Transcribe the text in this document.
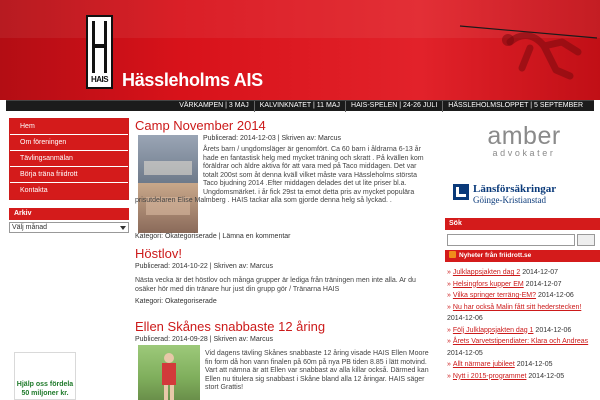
HAIS Hässleholms AIS
VÄRKAMPEN | 3 MAJ	KALVINKNATET | 11 MAJ	HAIS-SPELEN | 24-26 JULI	HÄSSLEHOLMSLOPPET | 5 SEPTEMBER
Hem
Om föreningen
Tävlingsanmälan
Börja träna friidrott
Kontakta
Arkiv
Välj månad
Hjälp oss fördela
50 miljoner kr.
Camp November 2014
Publicerad: 2014-12-03 | Skriven av: Marcus
Årets barn / ungdomsläger är genomfört. Ca 60 barn i åldrarna 6-13 år
hade en fantastisk helg med mycket träning och skratt . På kvällen kom
föräldrar och äldre aktiva för att vara med på Taco middagen. Det var
totalt 200st som åt denna kväll vilket måste vara Hässleholms största
Taco bjudning 2014 .Efter middagen delades det ut lite priser bl.a.
Ungdomsmärket. i år fick 29st ta emot detta pris av mycket populära
prisutdelaren Elise Malmberg . HAIS tackar alla som gjorde denna helg så lyckad. .
Kategori: Okategoriserade | Lämna en kommentar
Höstlov!
Publicerad: 2014-10-22 | Skriven av: Marcus
Nästa vecka är det höstlov och många grupper är lediga från träningen men inte alla. Ar du
osäker hör med din tränare hur just din grupp gör / Tränarna HAIS
Kategori: Okategoriserade
Ellen Skånes snabbaste 12 åring
Publicerad: 2014-09-28 | Skriven av: Marcus
Vid dagens tävling Skånes snabbaste 12 åring visade HAIS Ellen Moore
fin form då hon vann finalen på 60m på nya PB tiden 8.85 i lätt motvind.
Vart att nämna är att Ellen var snabbast av alla killar också. Därmed kan
Ellen nu titulera sig snabbast i Skåne bland alla 12 åringar. HAIS säger
stort Grattis!
amber
advokater
Länsförsäkringar
Göinge-Kristianstad
Sök
Nyheter från friidrott.se
» Julklappsjakten dag 2 2014-12-07
» Helsingfors kupper EM 2014-12-07
» Vilka springer terräng-EM? 2014-12-06
» Nu har också Malin fått sitt hederstecken! 2014-12-06
» Följ Julklappsjakten dag 1 2014-12-06
» Årets Varvetstipendiater: Klara och Andreas 2014-12-05
» Allt närmare jubileet 2014-12-05
» Nytt i 2015-programmet 2014-12-05
